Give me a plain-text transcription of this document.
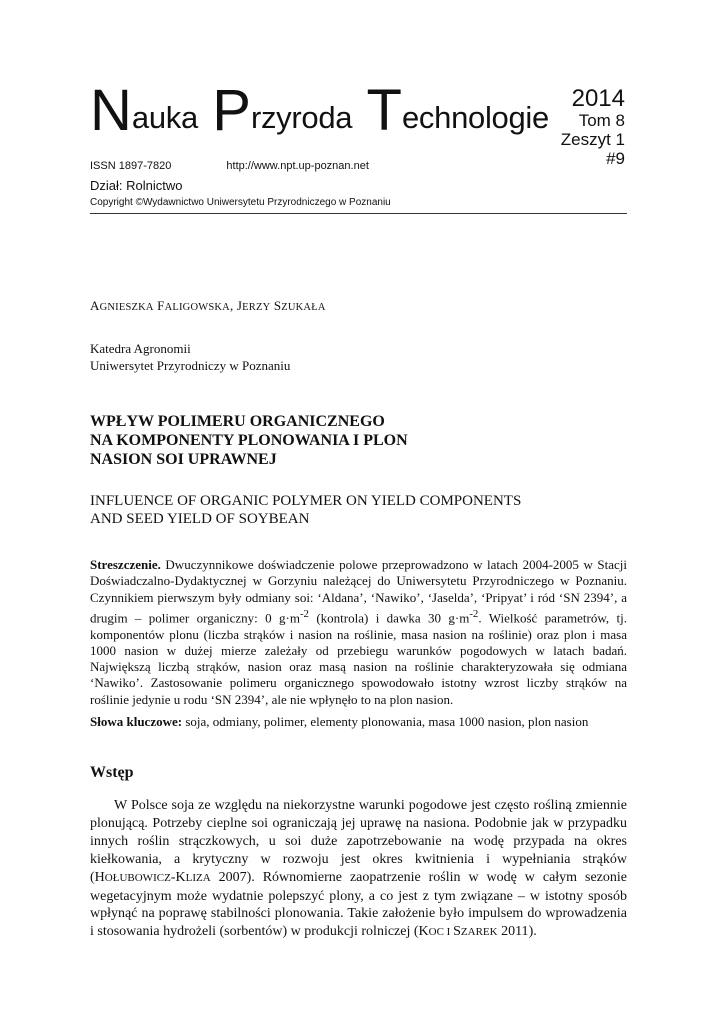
Nauka Przyroda Technologie
2014
Tom 8
Zeszyt 1
#9
ISSN 1897-7820	http://www.npt.up-poznan.net
Dział: Rolnictwo
Copyright ©Wydawnictwo Uniwersytetu Przyrodniczego w Poznaniu
AGNIESZKA FALIGOWSKA, JERZY SZUKAŁA
Katedra Agronomii
Uniwersytet Przyrodniczy w Poznaniu
WPŁYW POLIMERU ORGANICZNEGO
NA KOMPONENTY PLONOWANIA I PLON
NASION SOI UPRAWNEJ
INFLUENCE OF ORGANIC POLYMER ON YIELD COMPONENTS
AND SEED YIELD OF SOYBEAN

Streszczenie. Dwuczynnikowe doświadczenie polowe przeprowadzono w latach 2004-2005 w Stacji Doświadczalno-Dydaktycznej w Gorzyniu należącej do Uniwersytetu Przyrodniczego w Poznaniu. Czynnikiem pierwszym były odmiany soi: ‘Aldana’, ‘Nawiko’, ‘Jaselda’, ‘Pripyat’ i ród ‘SN 2394’, a drugim – polimer organiczny: 0 $g\cdot m^{-2}$ (kontrola) i dawka 30 $g\cdot m^{-2}$. Wielkość parametrów, tj. komponentów plonu (liczba strąków i nasion na roślinie, masa nasion na roślinie) oraz plon i masa 1000 nasion w dużej mierze zależały od przebiegu warunków pogodowych w latach badań. Największą liczbą strąków, nasion oraz masą nasion na roślinie charakteryzowała się odmiana ‘Nawiko’. Zastosowanie polimeru organicznego spowodowało istotny wzrost liczby strąków na roślinie jedynie u rodu ‘SN 2394’, ale nie wpłynęło to na plon nasion.

Słowa kluczowe: soja, odmiany, polimer, elementy plonowania, masa 1000 nasion, plon nasion

Wstęp

W Polsce soja ze względu na niekorzystne warunki pogodowe jest często rośliną zmiennie plonującą. Potrzeby cieplne soi ograniczają jej uprawę na nasiona. Podobnie jak w przypadku innych roślin strączkowych, u soi duże zapotrzebowanie na wodę przypada na okres kiełkowania, a krytyczny w rozwoju jest okres kwitnienia i wypełniania strąków (HOŁUBOWICZ-KLIZA 2007). Równomierne zaopatrzenie roślin w wodę w całym sezonie wegetacyjnym może wydatnie polepszyć plony, a co jest z tym związane – w istotny sposób wpłynąć na poprawę stabilności plonowania. Takie założenie było impulsem do wprowadzenia i stosowania hydrożeli (sorbentów) w produkcji rolniczej (KOC I SZAREK 2011).
